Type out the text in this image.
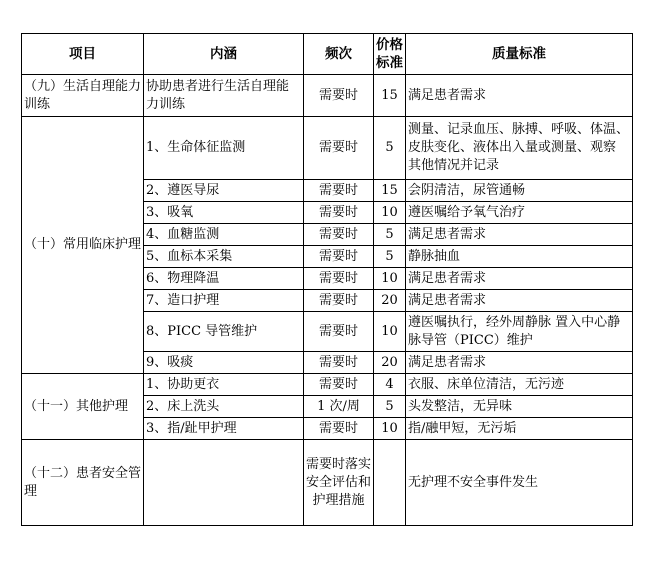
项目	内涵	频次	价格标准	质量标准
（九）生活自理能力训练	协助患者进行生活自理能力训练	需要时	15	满足患者需求
（十）常用临床护理	1、生命体征监测	需要时	5	测量、记录血压、脉搏、呼吸、体温、皮肤变化、液体出入量或测量、观察 其他情况并记录
	2、遵医导尿	需要时	15	会阴清洁，尿管通畅
	3、吸氧	需要时	10	遵医嘱给予氧气治疗
	4、血糖监测	需要时	5	满足患者需求
	5、血标本采集	需要时	5	静脉抽血
	6、物理降温	需要时	10	满足患者需求
	7、造口护理	需要时	20	满足患者需求
	8、PICC 导管维护	需要时	10	遵医嘱执行，经外周静脉 置入中心静脉导管（PICC）维护
	9、吸痰	需要时	20	满足患者需求
（十一）其他护理	1、协助更衣	需要时	4	衣服、床单位清洁，无污迹
	2、床上洗头	1 次/周	5	头发整洁，无异味
	3、指/趾甲护理	需要时	10	指/融甲短，无污垢
（十二）患者安全管理		需要时落实安全评估和护理措施		无护理不安全事件发生
